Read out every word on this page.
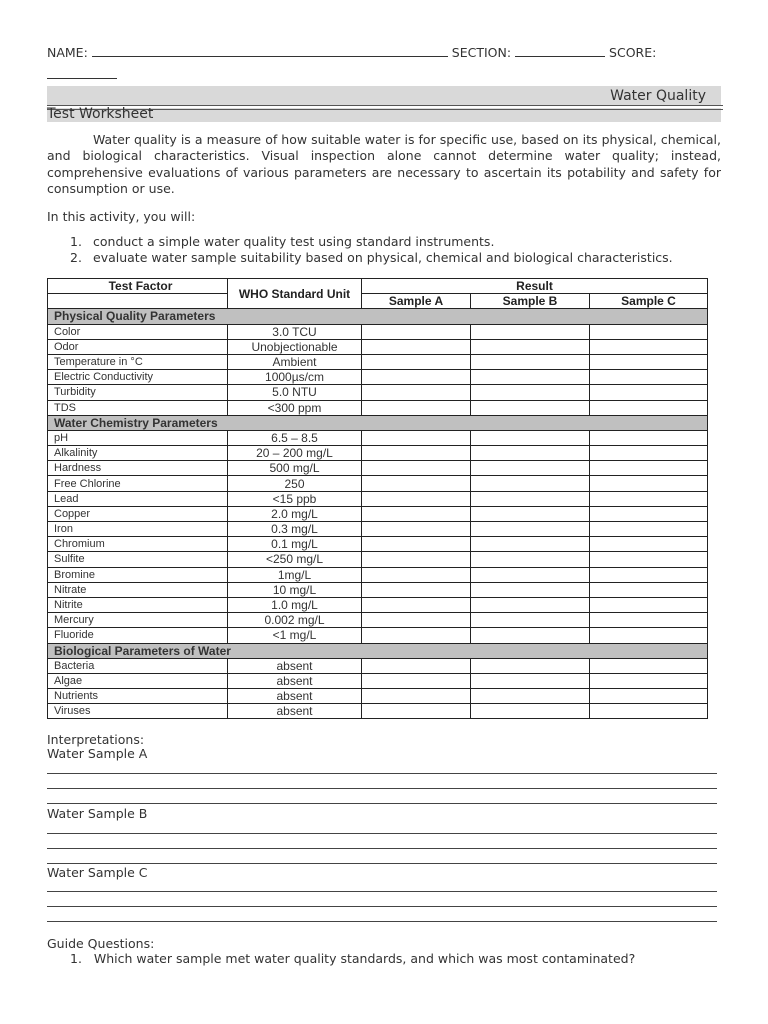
NAME:	SECTION:	SCORE:

Water Quality
Test Worksheet
Water quality is a measure of how suitable water is for specific use, based on its physical, chemical, and biological characteristics. Visual inspection alone cannot determine water quality; instead, comprehensive evaluations of various parameters are necessary to ascertain its potability and safety for consumption or use.
In this activity, you will:
1. conduct a simple water quality test using standard instruments.
2. evaluate water sample suitability based on physical, chemical and biological characteristics.
Test Factor	WHO Standard Unit	Result		
		Sample A	Sample B	Sample C
Physical Quality Parameters				
Color	3.0 TCU			
Odor	Unobjectionable			
Temperature in °C	Ambient			
Electric Conductivity	1000µs/cm			
Turbidity	5.0 NTU			
TDS	<300 ppm			
Water Chemistry Parameters				
pH	6.5 – 8.5			
Alkalinity	20 – 200 mg/L			
Hardness	500 mg/L			
Free Chlorine	250			
Lead	<15 ppb			
Copper	2.0 mg/L			
Iron	0.3 mg/L			
Chromium	0.1 mg/L			
Sulfite	<250 mg/L			
Bromine	1mg/L			
Nitrate	10 mg/L			
Nitrite	1.0 mg/L			
Mercury	0.002 mg/L			
Fluoride	<1 mg/L			
Biological Parameters of Water				
Bacteria	absent			
Algae	absent			
Nutrients	absent			
Viruses	absent			
Interpretations:
Water Sample A
Water Sample B
Water Sample C
Guide Questions:
1. Which water sample met water quality standards, and which was most contaminated?
